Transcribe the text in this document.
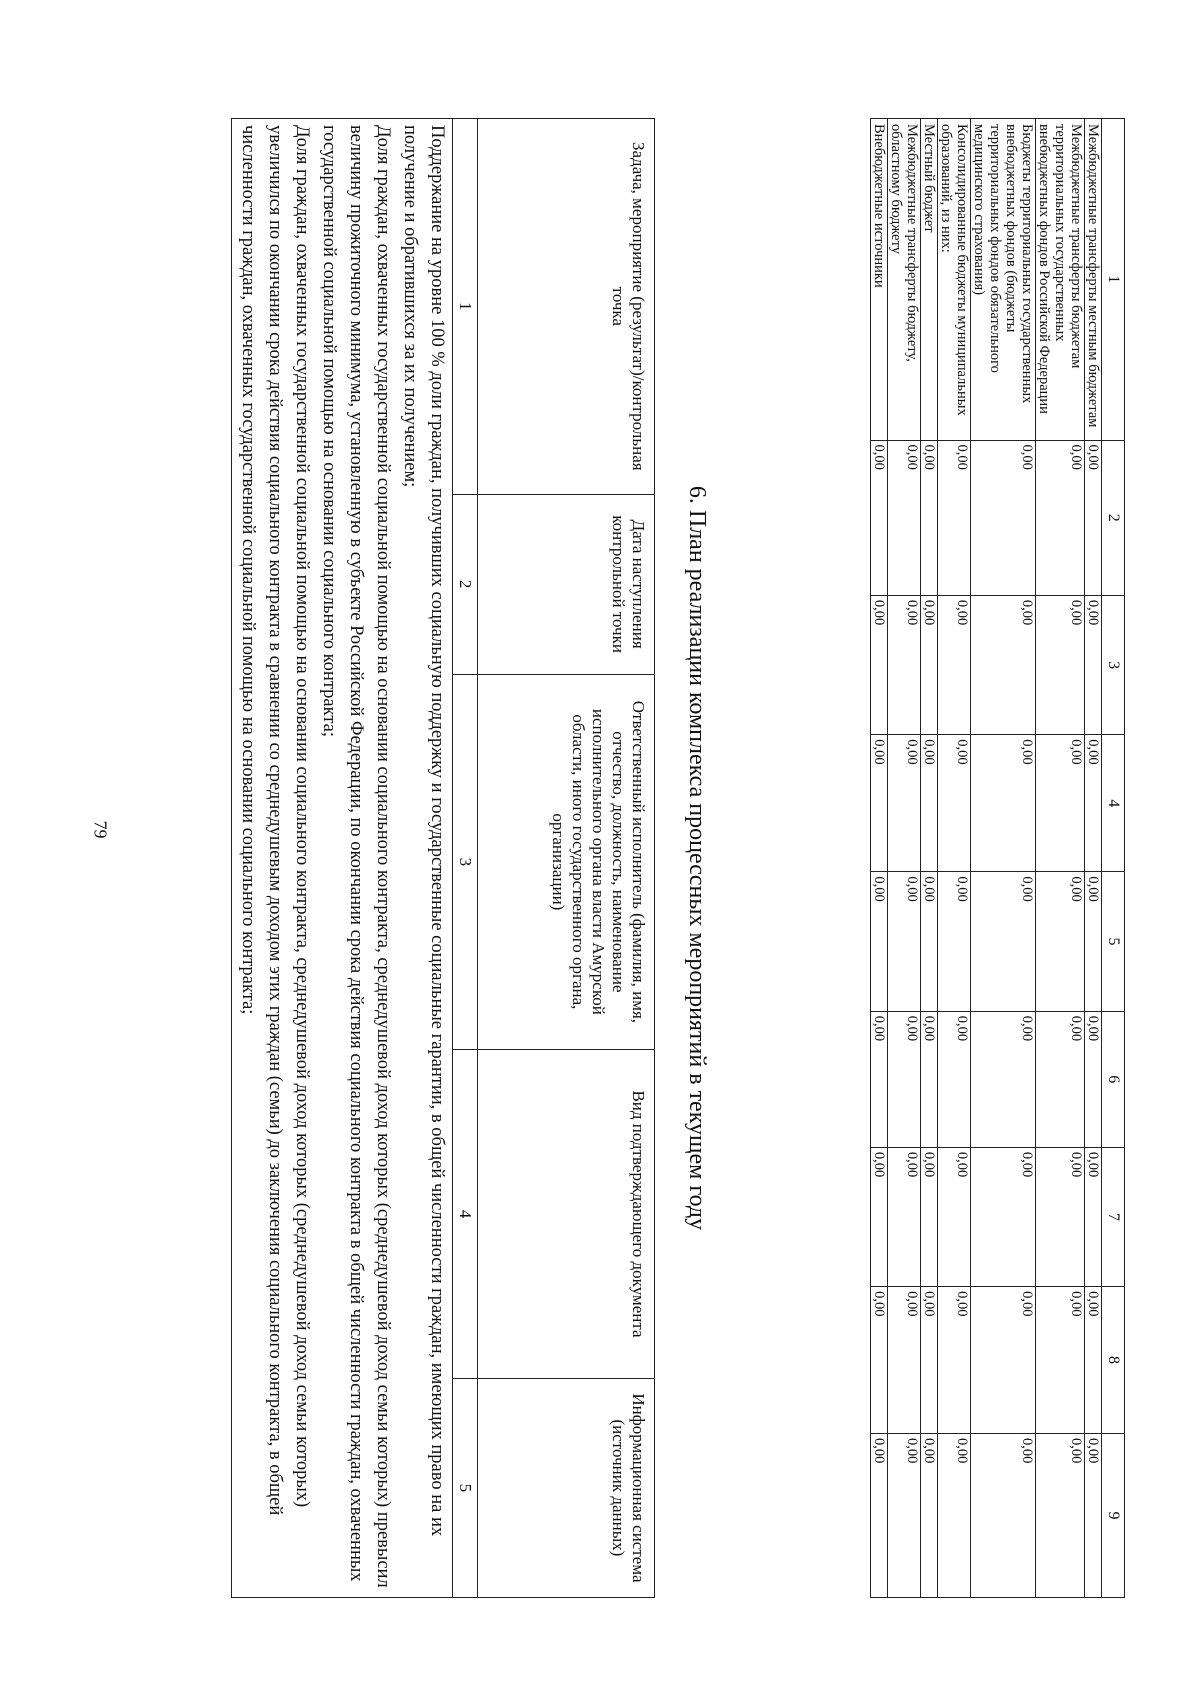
79
1	2	3	4	5	6	7	8	9
Межбюджетные трансферты местным бюджетам	0,00	0,00	0,00	0,00	0,00	0,00	0,00	0,00
Межбюджетные трансферты бюджетам территориальных государственных внебюджетных фондов Российской Федерации	0,00	0,00	0,00	0,00	0,00	0,00	0,00	0,00
Бюджеты территориальных государственных внебюджетных фондов (бюджеты территориальных фондов обязательного медицинского страхования)	0,00	0,00	0,00	0,00	0,00	0,00	0,00	0,00
Консолидированные бюджеты муниципальных образований, из них:	0,00	0,00	0,00	0,00	0,00	0,00	0,00	0,00
Местный бюджет	0,00	0,00	0,00	0,00	0,00	0,00	0,00	0,00
Межбюджетные трансферты бюджету, областному бюджету	0,00	0,00	0,00	0,00	0,00	0,00	0,00	0,00
Внебюджетные источники	0,00	0,00	0,00	0,00	0,00	0,00	0,00	0,00
6. План реализации комплекса процессных мероприятий в текущем году
Задача, мероприятие (результат)/контрольная точка	Дата наступления контрольной точки	Ответственный исполнитель (фамилия, имя, отчество, должность, наименование исполнительного органа власти Амурской области, иного государственного органа, организации)	Вид подтверждающего документа	Информационная система (источник данных)
1	2	3	4	5

Поддержание на уровне 100 % доли граждан, получивших социальную поддержку и государственные социальные гарантии, в общей численности граждан, имеющих право на их получение и обратившихся за их получением;
Доля граждан, охваченных государственной социальной помощью на основании социального контракта, среднедушевой доход которых (среднедушевой доход семьи которых) превысил величину прожиточного минимума, установленную в субъекте Российской Федерации, по окончании срока действия социального контракта в общей численности граждан, охваченных государственной социальной помощью на основании социального контракта;
Доля граждан, охваченных государственной социальной помощью на основании социального контракта, среднедушевой доход которых (среднедушевой доход семьи которых) увеличился по окончании срока действия социального контракта в сравнении со среднедушевым доходом этих граждан (семьи) до заключения социального контракта, в общей численности граждан, охваченных государственной социальной помощью на основании социального контракта;				
